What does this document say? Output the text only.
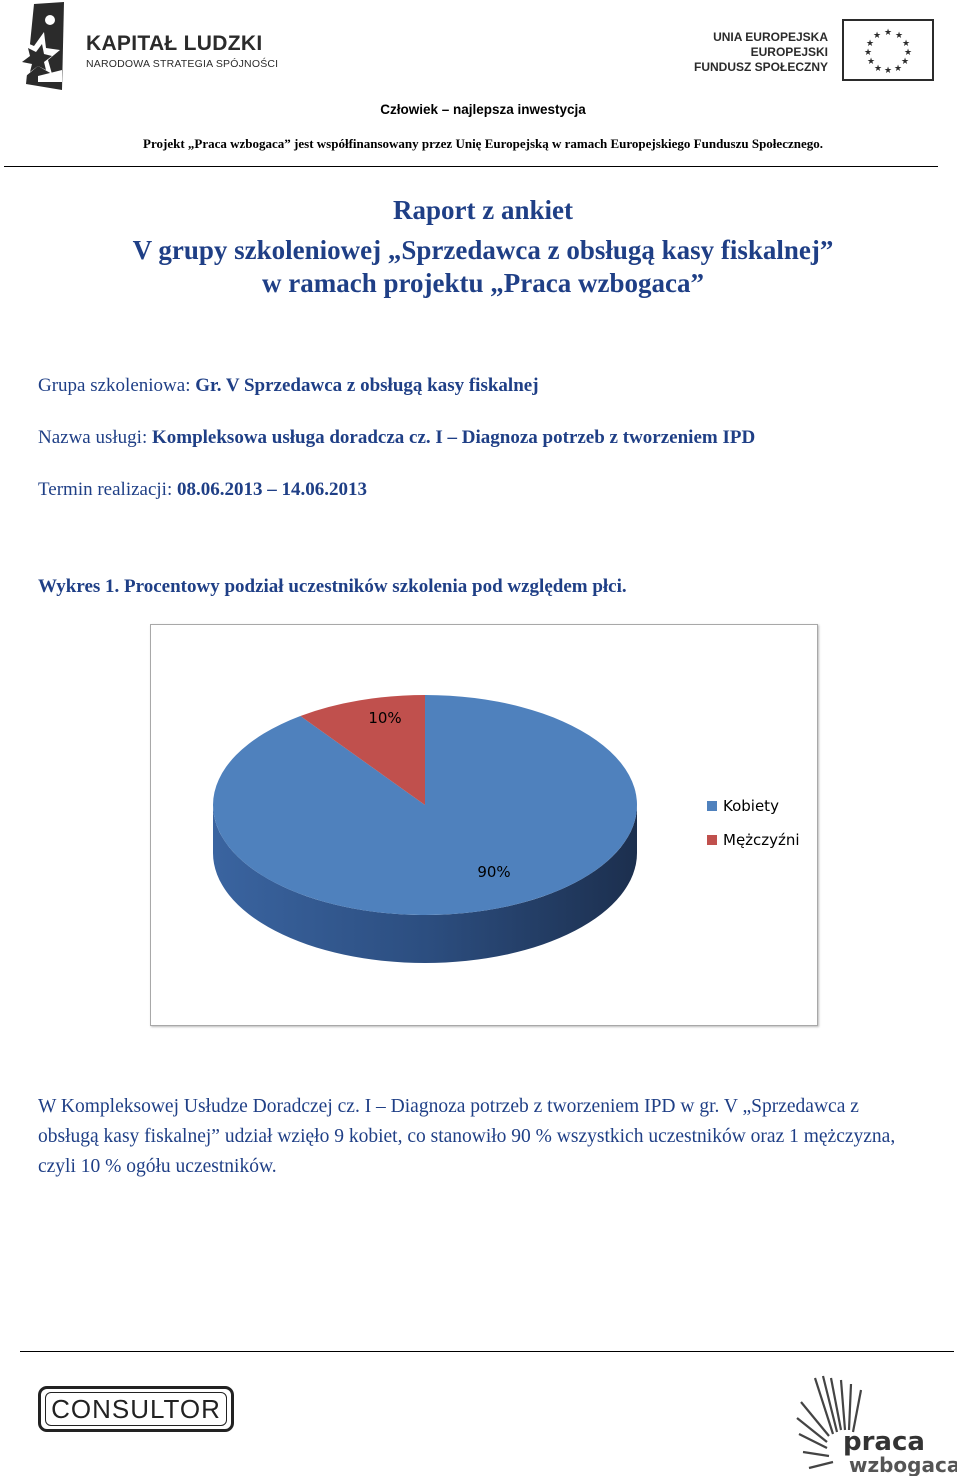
KAPITAŁ LUDZKI
NARODOWA STRATEGIA SPÓJNOŚCI
UNIA EUROPEJSKA
EUROPEJSKI
FUNDUSZ SPOŁECZNY
★ ★
★
★
★
★
★
★
★
★
★
★
Człowiek – najlepsza inwestycja
Projekt „Praca wzbogaca” jest współfinansowany przez Unię Europejską w ramach Europejskiego Funduszu Społecznego.
Raport z ankiet
V grupy szkoleniowej „Sprzedawca z obsługą kasy fiskalnej”
w ramach projektu „Praca wzbogaca”
Grupa szkoleniowa: Gr. V Sprzedawca z obsługą kasy fiskalnej
Nazwa usługi: Kompleksowa usługa doradcza cz. I – Diagnoza potrzeb z tworzeniem IPD
Termin realizacji: 08.06.2013 – 14.06.2013
Wykres 1. Procentowy podział uczestników szkolenia pod względem płci.
90%
10%
Kobiety
Mężczyźni
W Kompleksowej Usłudze Doradczej cz. I – Diagnoza potrzeb z tworzeniem IPD w gr. V „Sprzedawca z obsługą kasy fiskalnej” udział wzięło 9 kobiet, co stanowiło 90 % wszystkich uczestników oraz 1 mężczyzna, czyli 10 % ogółu uczestników.
CONSULTOR
praca
wzbogaca
